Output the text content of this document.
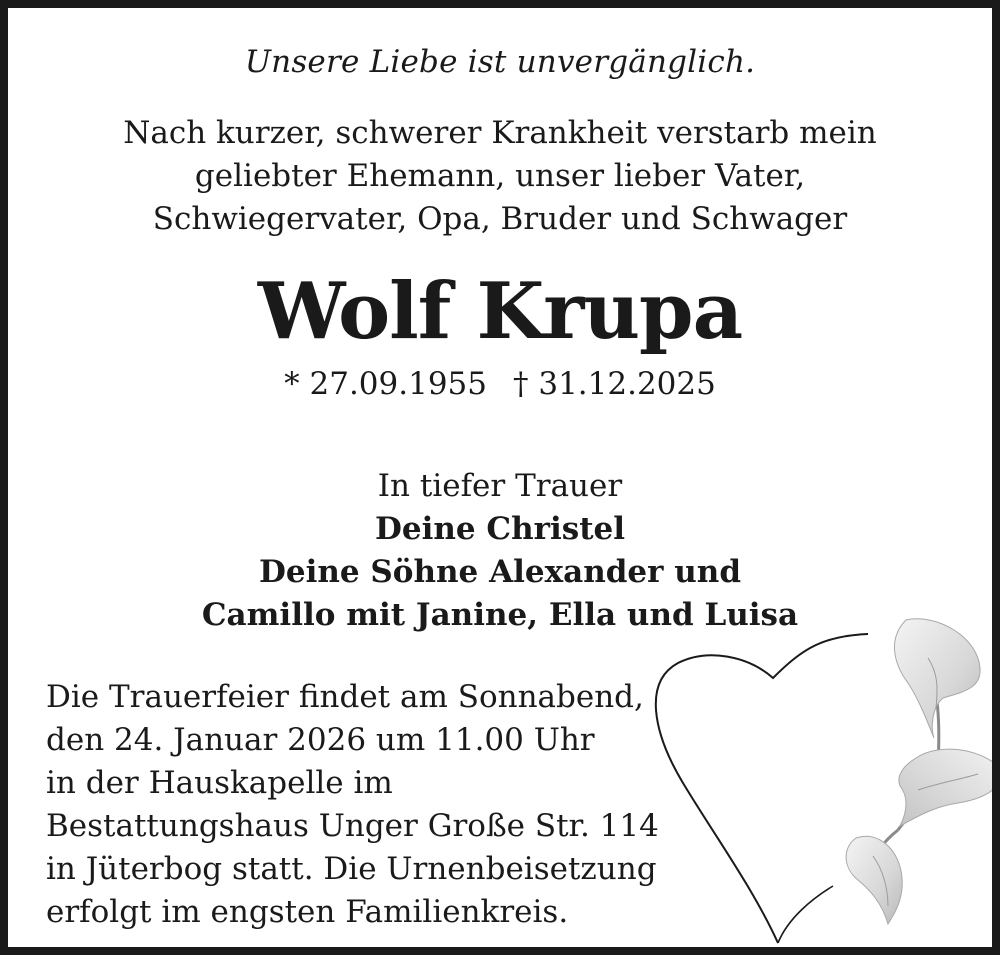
Unsere Liebe ist unvergänglich.
Nach kurzer, schwerer Krankheit verstarb mein
geliebter Ehemann, unser lieber Vater,
Schwiegervater, Opa, Bruder und Schwager
Wolf Krupa
* 27.09.1955 † 31.12.2025
In tiefer Trauer
Deine Christel
Deine Söhne Alexander und
Camillo mit Janine, Ella und Luisa
Die Trauerfeier findet am Sonnabend,
den 24. Januar 2026 um 11.00 Uhr
in der Hauskapelle im
Bestattungshaus Unger Große Str. 114
in Jüterbog statt. Die Urnenbeisetzung
erfolgt im engsten Familienkreis.
